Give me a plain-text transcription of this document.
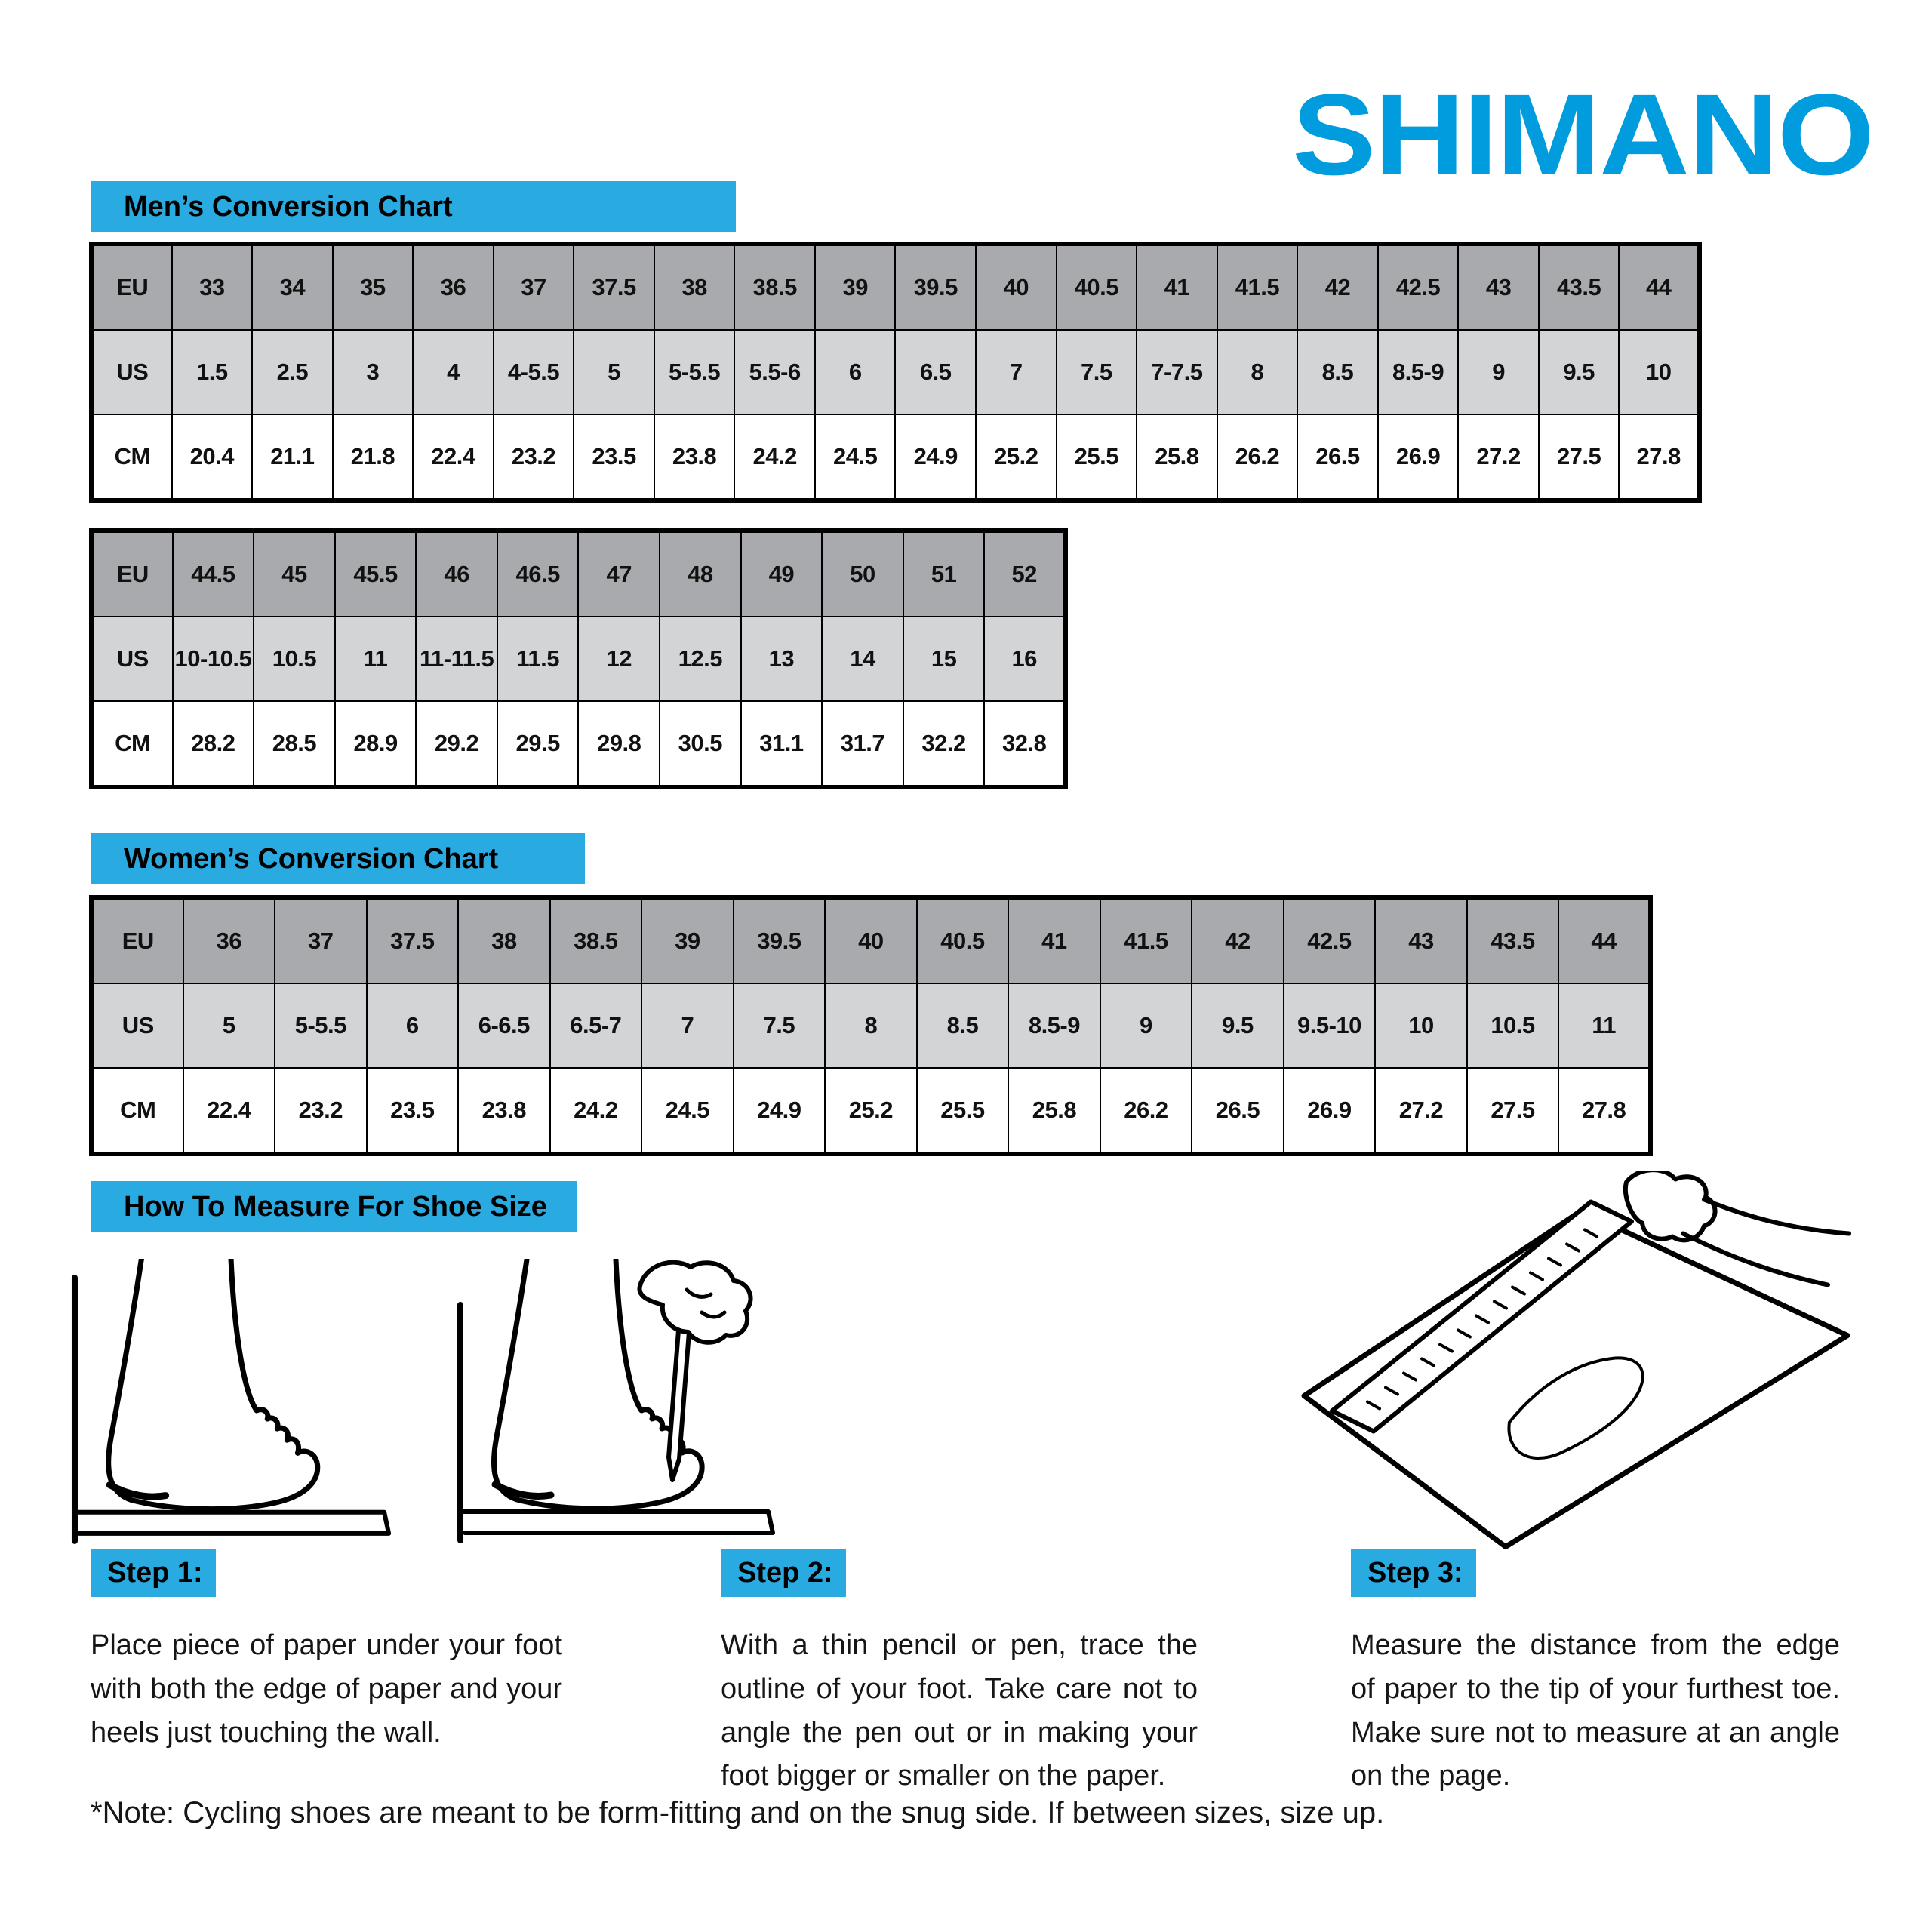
SHIMANO
Men’s Conversion Chart
EU	33	34	35	36	37	37.5	38	38.5	39	39.5	40	40.5	41	41.5	42	42.5	43	43.5	44
US	1.5	2.5	3	4	4-5.5	5	5-5.5	5.5-6	6	6.5	7	7.5	7-7.5	8	8.5	8.5-9	9	9.5	10
CM	20.4	21.1	21.8	22.4	23.2	23.5	23.8	24.2	24.5	24.9	25.2	25.5	25.8	26.2	26.5	26.9	27.2	27.5	27.8
EU	44.5	45	45.5	46	46.5	47	48	49	50	51	52
US	10-10.5	10.5	11	11-11.5	11.5	12	12.5	13	14	15	16
CM	28.2	28.5	28.9	29.2	29.5	29.8	30.5	31.1	31.7	32.2	32.8
Women’s Conversion Chart
EU	36	37	37.5	38	38.5	39	39.5	40	40.5	41	41.5	42	42.5	43	43.5	44
US	5	5-5.5	6	6-6.5	6.5-7	7	7.5	8	8.5	8.5-9	9	9.5	9.5-10	10	10.5	11
CM	22.4	23.2	23.5	23.8	24.2	24.5	24.9	25.2	25.5	25.8	26.2	26.5	26.9	27.2	27.5	27.8
How To Measure For Shoe Size
Step 1:	Step 2:	Step 3:
Place piece of paper under your foot with both the edge of paper and your heels just touching the wall.
With a thin pencil or pen, trace the outline of your foot. Take care not to angle the pen out or in making your foot bigger or smaller on the paper.
Measure the distance from the edge of paper to the tip of your furthest toe. Make sure not to measure at an angle on the page.
*Note: Cycling shoes are meant to be form-fitting and on the snug side. If between sizes, size up.
